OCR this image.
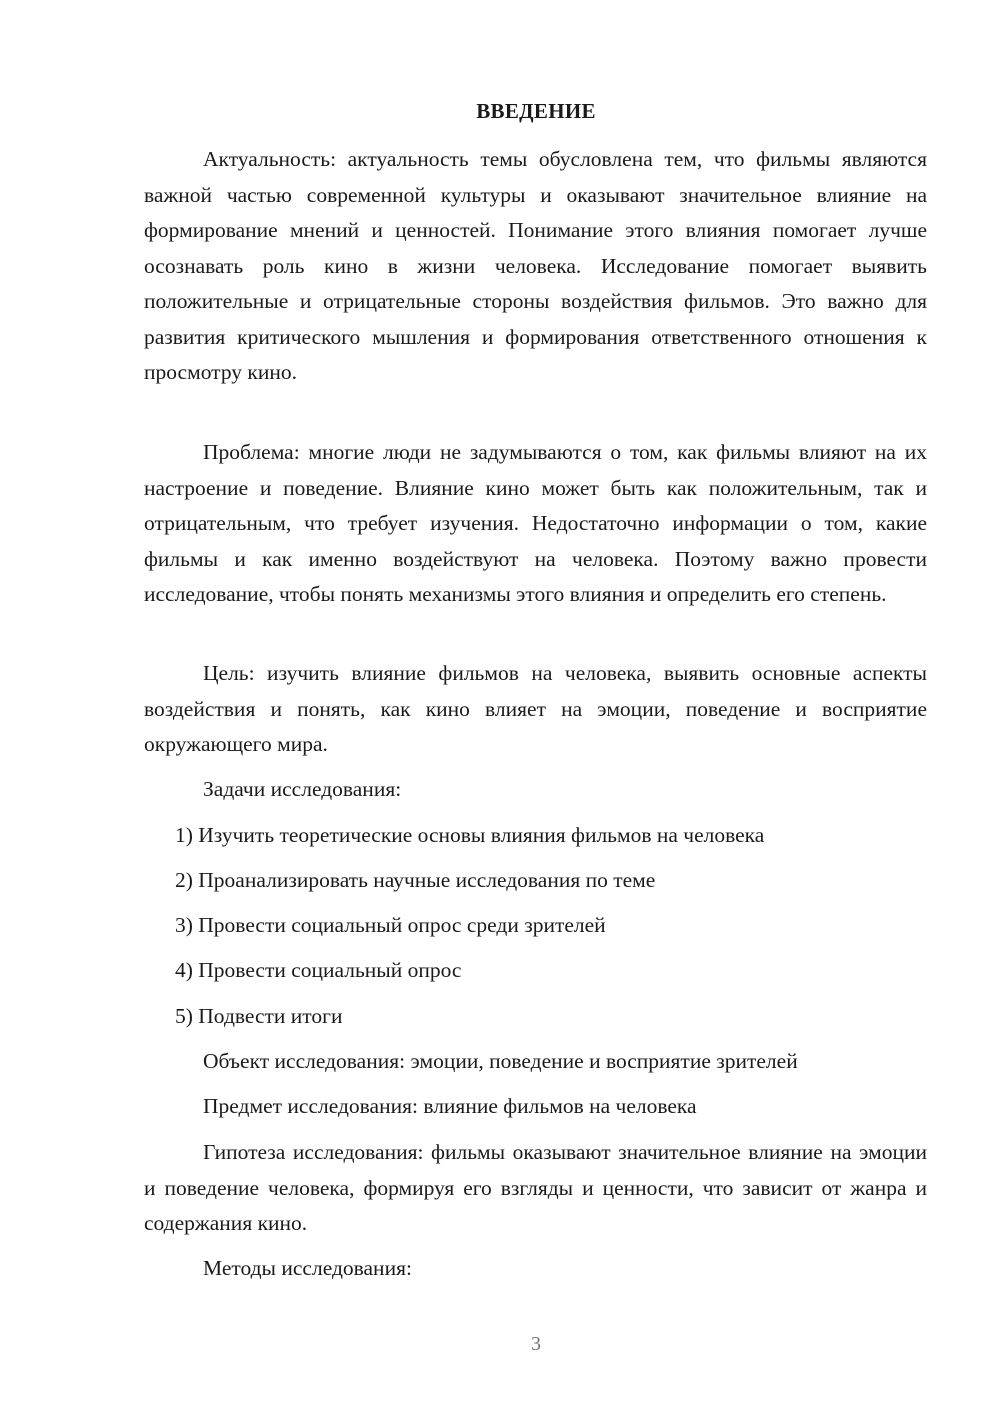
ВВЕДЕНИЕ

Актуальность: актуальность темы обусловлена тем, что фильмы являются важной частью современной культуры и оказывают значительное влияние на формирование мнений и ценностей. Понимание этого влияния помогает лучше осознавать роль кино в жизни человека. Исследование помогает выявить положительные и отрицательные стороны воздействия фильмов. Это важно для развития критического мышления и формирования ответственного отношения к просмотру кино.

Проблема: многие люди не задумываются о том, как фильмы влияют на их настроение и поведение. Влияние кино может быть как положительным, так и отрицательным, что требует изучения. Недостаточно информации о том, какие фильмы и как именно воздействуют на человека. Поэтому важно провести исследование, чтобы понять механизмы этого влияния и определить его степень.

Цель: изучить влияние фильмов на человека, выявить основные аспекты воздействия и понять, как кино влияет на эмоции, поведение и восприятие окружающего мира.

Задачи исследования:
1) Изучить теоретические основы влияния фильмов на человека
2) Проанализировать научные исследования по теме
3) Провести социальный опрос среди зрителей
4) Провести социальный опрос
5) Подвести итоги
Объект исследования: эмоции, поведение и восприятие зрителей
Предмет исследования: влияние фильмов на человека

Гипотеза исследования: фильмы оказывают значительное влияние на эмоции и поведение человека, формируя его взгляды и ценности, что зависит от жанра и содержания кино.

Методы исследования:
3
